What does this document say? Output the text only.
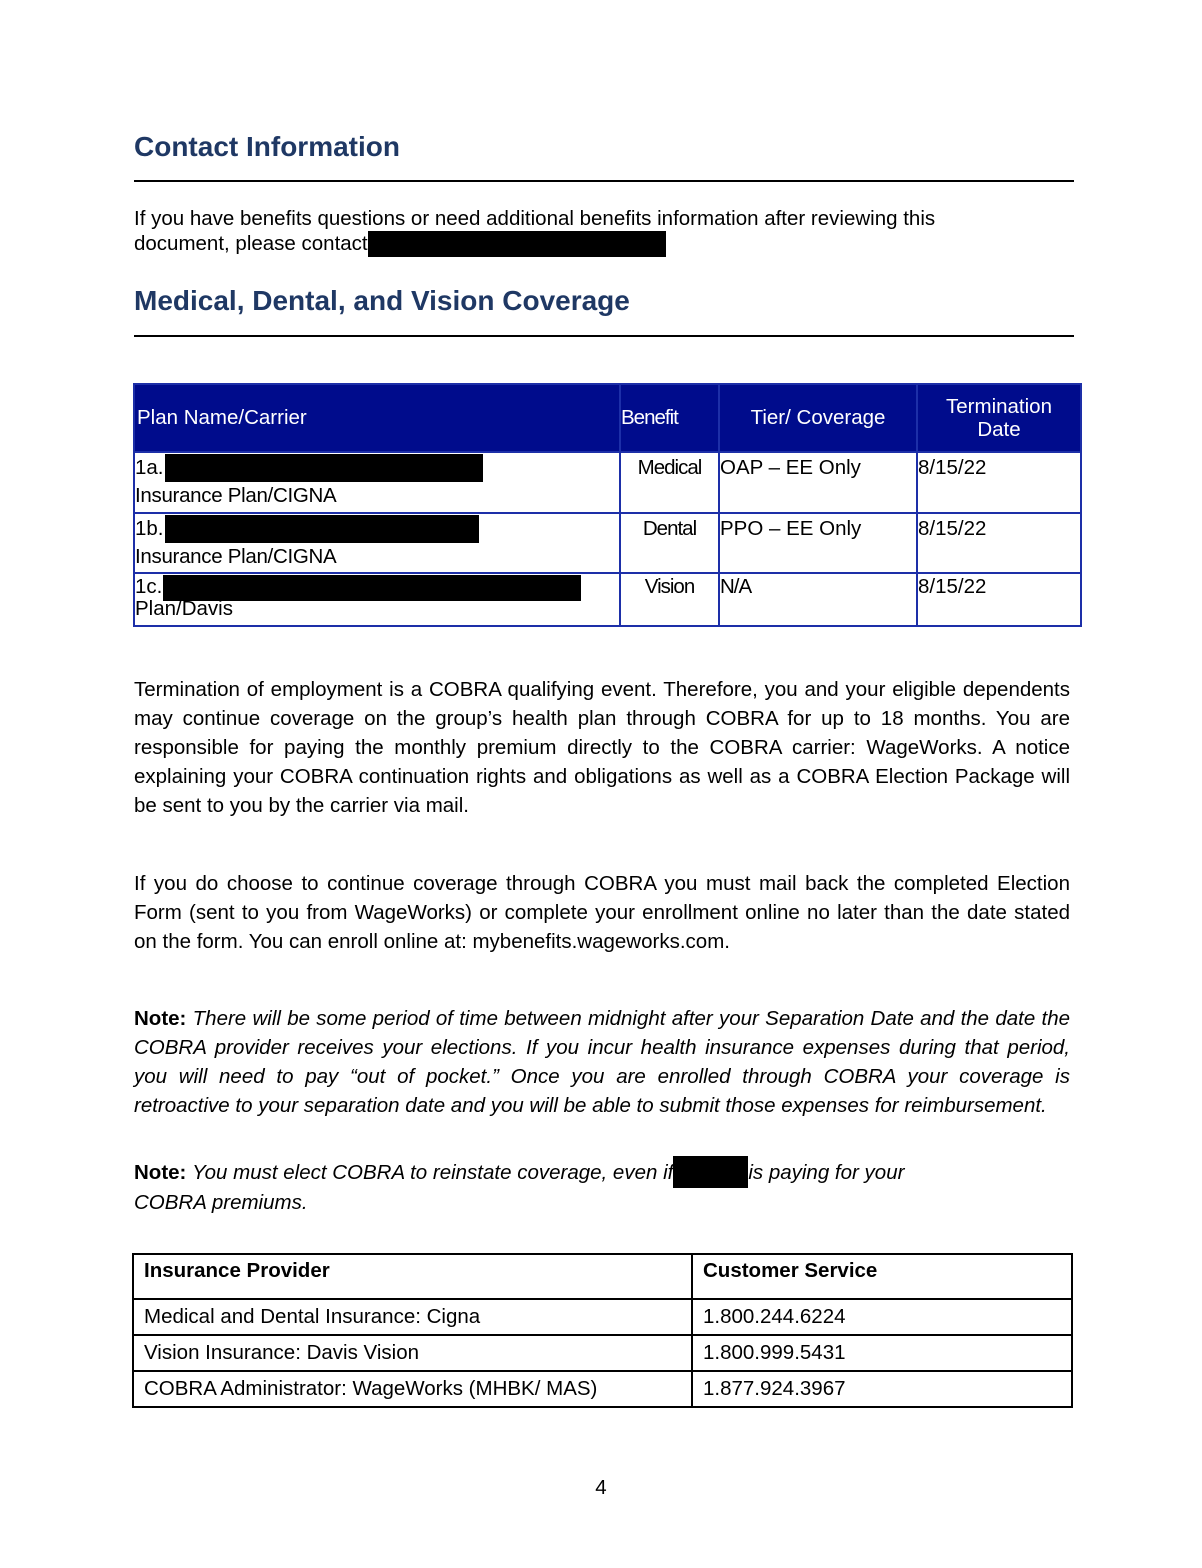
Contact Information
If you have benefits questions or need additional benefits information after reviewing this
document, please contact
Medical, Dental, and Vision Coverage
Plan Name/Carrier	Benefit	Tier/ Coverage	Termination
Date

1a.
Insurance Plan/CIGNA	Medical	OAP – EE Only	8/15/22

1b.
Insurance Plan/CIGNA	Dental	PPO – EE Only	8/15/22

1c.
Plan/Davis	Vision	N/A	8/15/22
Termination of employment is a COBRA qualifying event. Therefore, you and your eligible dependents may continue coverage on the group’s health plan through COBRA for up to 18 months. You are responsible for paying the monthly premium directly to the COBRA carrier: WageWorks. A notice explaining your COBRA continuation rights and obligations as well as a COBRA Election Package will be sent to you by the carrier via mail.
If you do choose to continue coverage through COBRA you must mail back the completed Election Form (sent to you from WageWorks) or complete your enrollment online no later than the date stated on the form. You can enroll online at: mybenefits.wageworks.com.
Note: There will be some period of time between midnight after your Separation Date and the date the COBRA provider receives your elections. If you incur health insurance expenses during that period, you will need to pay “out of pocket.” Once you are enrolled through COBRA your coverage is retroactive to your separation date and you will be able to submit those expenses for reimbursement.
Note: You must elect COBRA to reinstate coverage, even if	is paying for your
COBRA premiums.
Insurance Provider	Customer Service
Medical and Dental Insurance: Cigna	1.800.244.6224
Vision Insurance: Davis Vision	1.800.999.5431
COBRA Administrator: WageWorks (MHBK/ MAS)	1.877.924.3967
4
